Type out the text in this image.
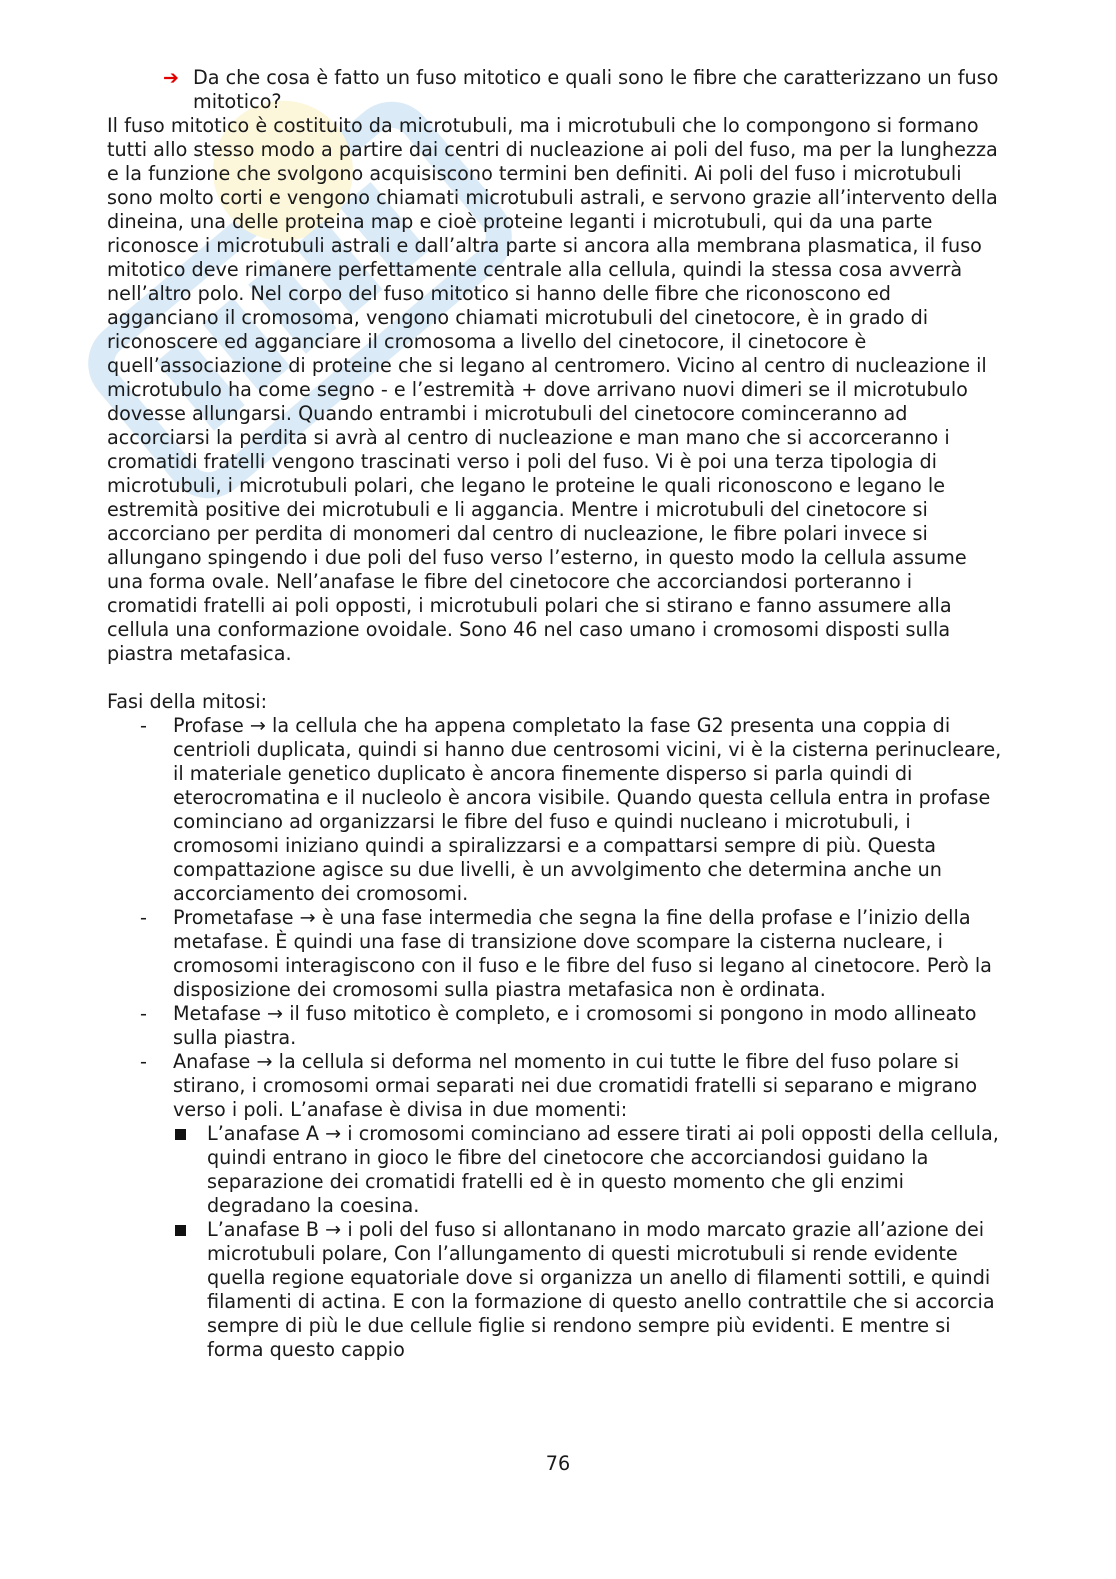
➔ Da che cosa è fatto un fuso mitotico e quali sono le fibre che caratterizzano un fuso mitotico?

Il fuso mitotico è costituito da microtubuli, ma i microtubuli che lo compongono si formano tutti allo stesso modo a partire dai centri di nucleazione ai poli del fuso, ma per la lunghezza e la funzione che svolgono acquisiscono termini ben definiti. Ai poli del fuso i microtubuli sono molto corti e vengono chiamati microtubuli astrali, e servono grazie all’intervento della dineina, una delle proteina map e cioè proteine leganti i microtubuli, qui da una parte riconosce i microtubuli astrali e dall’altra parte si ancora alla membrana plasmatica, il fuso mitotico deve rimanere perfettamente centrale alla cellula, quindi la stessa cosa avverrà nell’altro polo. Nel corpo del fuso mitotico si hanno delle fibre che riconoscono ed agganciano il cromosoma, vengono chiamati microtubuli del cinetocore, è in grado di riconoscere ed agganciare il cromosoma a livello del cinetocore, il cinetocore è quell’associazione di proteine che si legano al centromero. Vicino al centro di nucleazione il microtubulo ha come segno - e l’estremità + dove arrivano nuovi dimeri se il microtubulo dovesse allungarsi. Quando entrambi i microtubuli del cinetocore cominceranno ad accorciarsi la perdita si avrà al centro di nucleazione e man mano che si accorceranno i cromatidi fratelli vengono trascinati verso i poli del fuso. Vi è poi una terza tipologia di microtubuli, i microtubuli polari, che legano le proteine le quali riconoscono e legano le estremità positive dei microtubuli e li aggancia. Mentre i microtubuli del cinetocore si accorciano per perdita di monomeri dal centro di nucleazione, le fibre polari invece si allungano spingendo i due poli del fuso verso l’esterno, in questo modo la cellula assume una forma ovale. Nell’anafase le fibre del cinetocore che accorciandosi porteranno i cromatidi fratelli ai poli opposti, i microtubuli polari che si stirano e fanno assumere alla cellula una conformazione ovoidale. Sono 46 nel caso umano i cromosomi disposti sulla piastra metafasica.

Fasi della mitosi:

-	Profase → la cellula che ha appena completato la fase G2 presenta una coppia di centrioli duplicata, quindi si hanno due centrosomi vicini, vi è la cisterna perinucleare, il materiale genetico duplicato è ancora finemente disperso si parla quindi di eterocromatina e il nucleolo è ancora visibile. Quando questa cellula entra in profase cominciano ad organizzarsi le fibre del fuso e quindi nucleano i microtubuli, i cromosomi iniziano quindi a spiralizzarsi e a compattarsi sempre di più. Questa compattazione agisce su due livelli, è un avvolgimento che determina anche un accorciamento dei cromosomi.
-	Prometafase → è una fase intermedia che segna la fine della profase e l’inizio della metafase. È quindi una fase di transizione dove scompare la cisterna nucleare, i cromosomi interagiscono con il fuso e le fibre del fuso si legano al cinetocore. Però la disposizione dei cromosomi sulla piastra metafasica non è ordinata.
-	Metafase → il fuso mitotico è completo, e i cromosomi si pongono in modo allineato sulla piastra.
-	Anafase → la cellula si deforma nel momento in cui tutte le fibre del fuso polare si stirano, i cromosomi ormai separati nei due cromatidi fratelli si separano e migrano verso i poli. L’anafase è divisa in due momenti:
L’anafase A → i cromosomi cominciano ad essere tirati ai poli opposti della cellula, quindi entrano in gioco le fibre del cinetocore che accorciandosi guidano la separazione dei cromatidi fratelli ed è in questo momento che gli enzimi degradano la coesina.
L’anafase B → i poli del fuso si allontanano in modo marcato grazie all’azione dei microtubuli polare, Con l’allungamento di questi microtubuli si rende evidente quella regione equatoriale dove si organizza un anello di filamenti sottili, e quindi filamenti di actina. E con la formazione di questo anello contrattile che si accorcia sempre di più le due cellule figlie si rendono sempre più evidenti. E mentre si forma questo cappio
76
